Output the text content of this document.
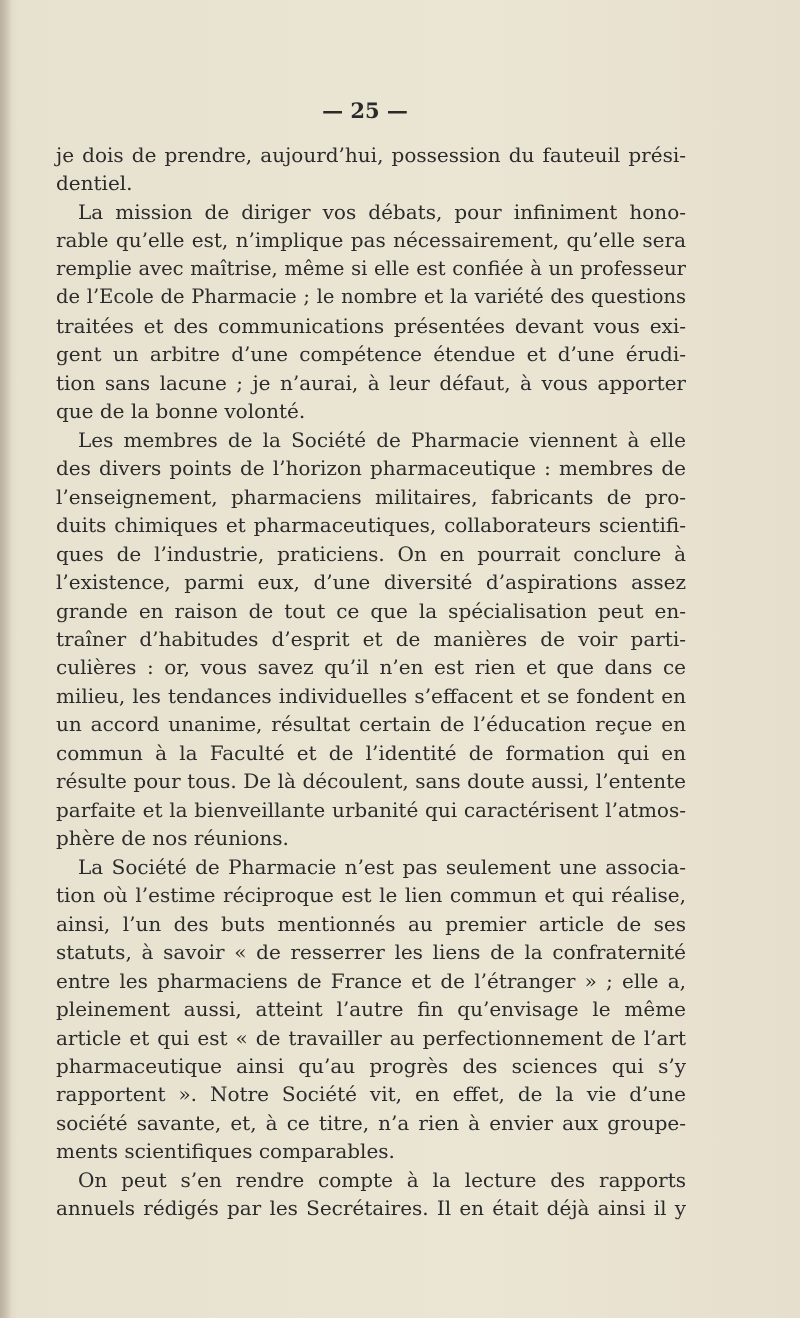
— 25 —
je dois de prendre, aujourd’hui, possession du fauteuil prési-
dentiel.
La mission de diriger vos débats, pour infiniment hono-
rable qu’elle est, n’implique pas nécessairement, qu’elle sera
remplie avec maîtrise, même si elle est confiée à un professeur
de l’Ecole de Pharmacie ; le nombre et la variété des questions
traitées et des communications présentées devant vous exi-
gent un arbitre d’une compétence étendue et d’une érudi-
tion sans lacune ; je n’aurai, à leur défaut, à vous apporter
que de la bonne volonté.
Les membres de la Société de Pharmacie viennent à elle
des divers points de l’horizon pharmaceutique : membres de
l’enseignement, pharmaciens militaires, fabricants de pro-
duits chimiques et pharmaceutiques, collaborateurs scientifi-
ques de l’industrie, praticiens. On en pourrait conclure à
l’existence, parmi eux, d’une diversité d’aspirations assez
grande en raison de tout ce que la spécialisation peut en-
traîner d’habitudes d’esprit et de manières de voir parti-
culières : or, vous savez qu’il n’en est rien et que dans ce
milieu, les tendances individuelles s’effacent et se fondent en
un accord unanime, résultat certain de l’éducation reçue en
commun à la Faculté et de l’identité de formation qui en
résulte pour tous. De là découlent, sans doute aussi, l’entente
parfaite et la bienveillante urbanité qui caractérisent l’atmos-
phère de nos réunions.
La Société de Pharmacie n’est pas seulement une associa-
tion où l’estime réciproque est le lien commun et qui réalise,
ainsi, l’un des buts mentionnés au premier article de ses
statuts, à savoir « de resserrer les liens de la confraternité
entre les pharmaciens de France et de l’étranger » ; elle a,
pleinement aussi, atteint l’autre fin qu’envisage le même
article et qui est « de travailler au perfectionnement de l’art
pharmaceutique ainsi qu’au progrès des sciences qui s’y
rapportent ». Notre Société vit, en effet, de la vie d’une
société savante, et, à ce titre, n’a rien à envier aux groupe-
ments scientifiques comparables.
On peut s’en rendre compte à la lecture des rapports
annuels rédigés par les Secrétaires. Il en était déjà ainsi il y
